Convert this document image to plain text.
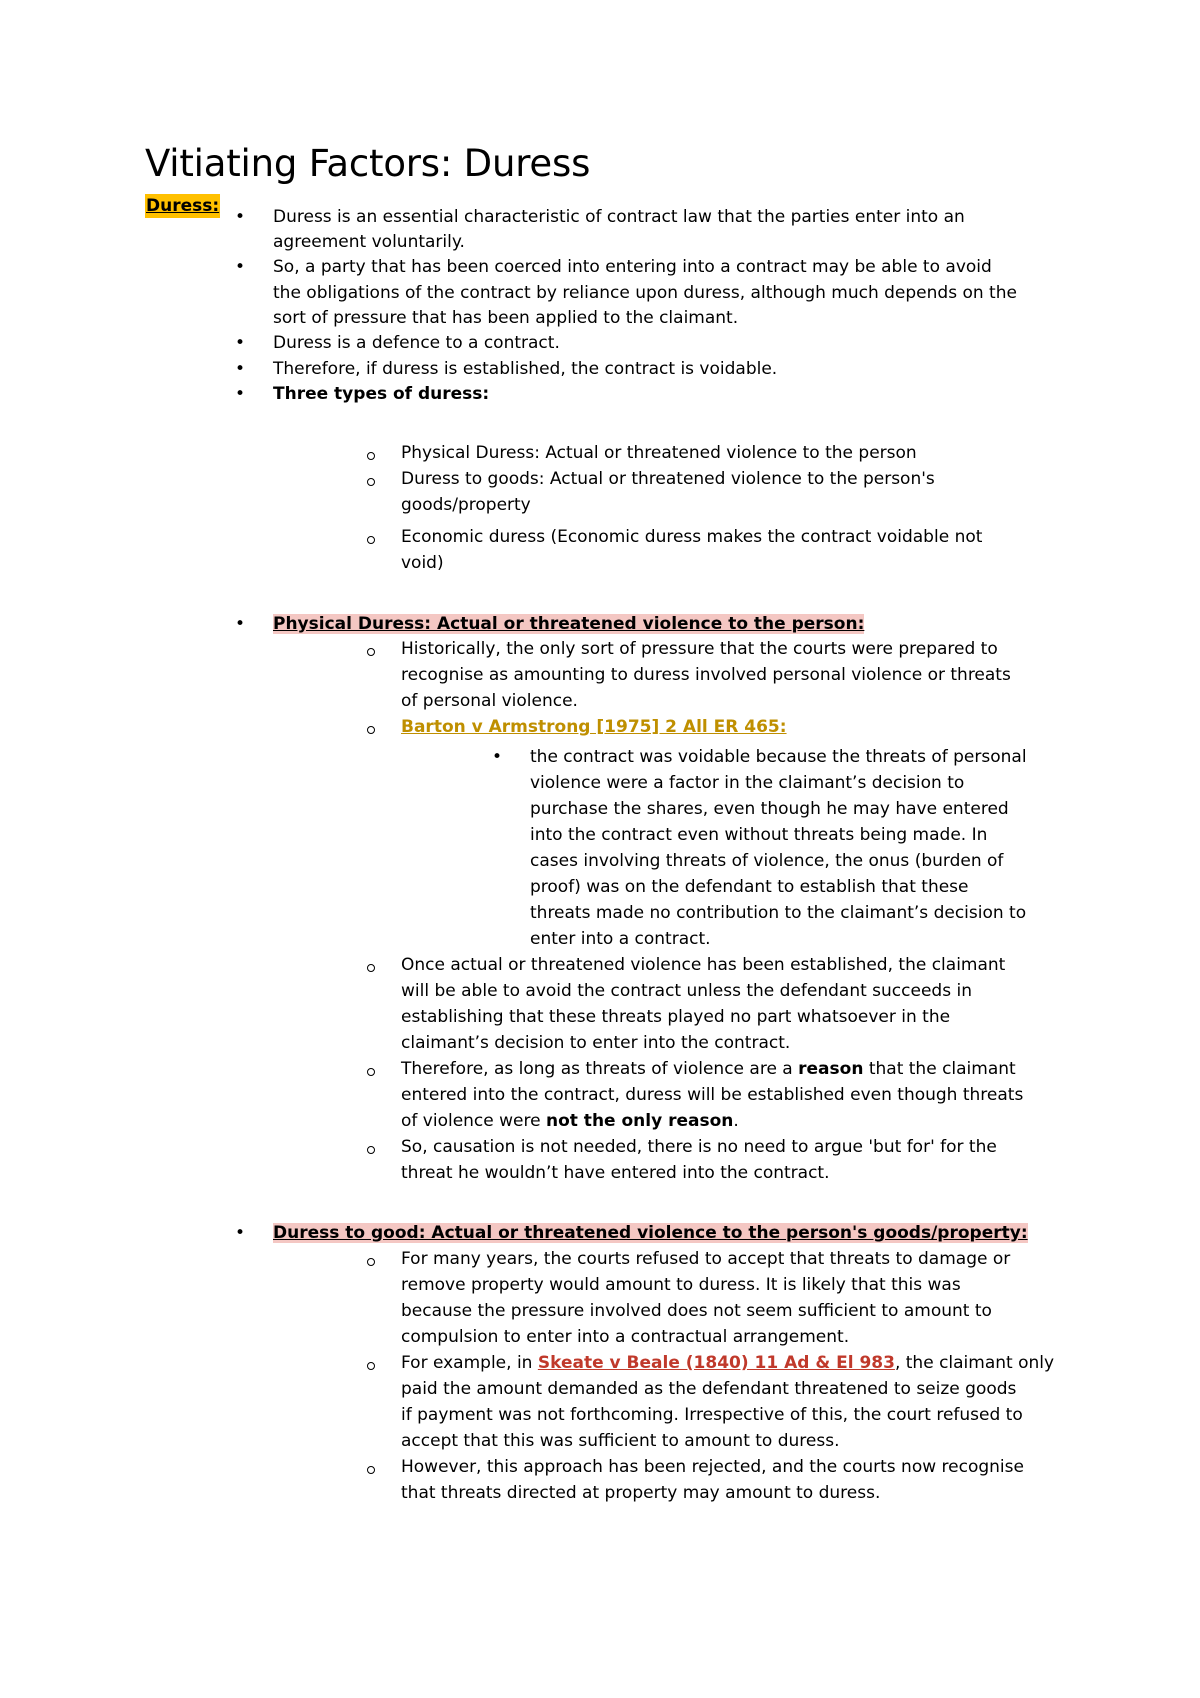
Vitiating Factors: Duress
Duress:
• Duress is an essential characteristic of contract law that the parties enter into an
agreement voluntarily.
• So, a party that has been coerced into entering into a contract may be able to avoid
the obligations of the contract by reliance upon duress, although much depends on the
sort of pressure that has been applied to the claimant.
• Duress is a defence to a contract.
• Therefore, if duress is established, the contract is voidable.
• Three types of duress:
Physical Duress: Actual or threatened violence to the person
Duress to goods: Actual or threatened violence to the person's
goods/property
Economic duress (Economic duress makes the contract voidable not
void)
• Physical Duress: Actual or threatened violence to the person:
Historically, the only sort of pressure that the courts were prepared to
recognise as amounting to duress involved personal violence or threats
of personal violence.
Barton v Armstrong [1975] 2 All ER 465:
• the contract was voidable because the threats of personal
violence were a factor in the claimant’s decision to
purchase the shares, even though he may have entered
into the contract even without threats being made. In
cases involving threats of violence, the onus (burden of
proof) was on the defendant to establish that these
threats made no contribution to the claimant’s decision to
enter into a contract.
Once actual or threatened violence has been established, the claimant
will be able to avoid the contract unless the defendant succeeds in
establishing that these threats played no part whatsoever in the
claimant’s decision to enter into the contract.
Therefore, as long as threats of violence are a reason that the claimant
entered into the contract, duress will be established even though threats
of violence were not the only reason.
So, causation is not needed, there is no need to argue 'but for' for the
threat he wouldn’t have entered into the contract.
• Duress to good: Actual or threatened violence to the person's goods/property:
For many years, the courts refused to accept that threats to damage or
remove property would amount to duress. It is likely that this was
because the pressure involved does not seem sufficient to amount to
compulsion to enter into a contractual arrangement.
For example, in Skeate v Beale (1840) 11 Ad & El 983, the claimant only
paid the amount demanded as the defendant threatened to seize goods
if payment was not forthcoming. Irrespective of this, the court refused to
accept that this was sufficient to amount to duress.
However, this approach has been rejected, and the courts now recognise
that threats directed at property may amount to duress.
